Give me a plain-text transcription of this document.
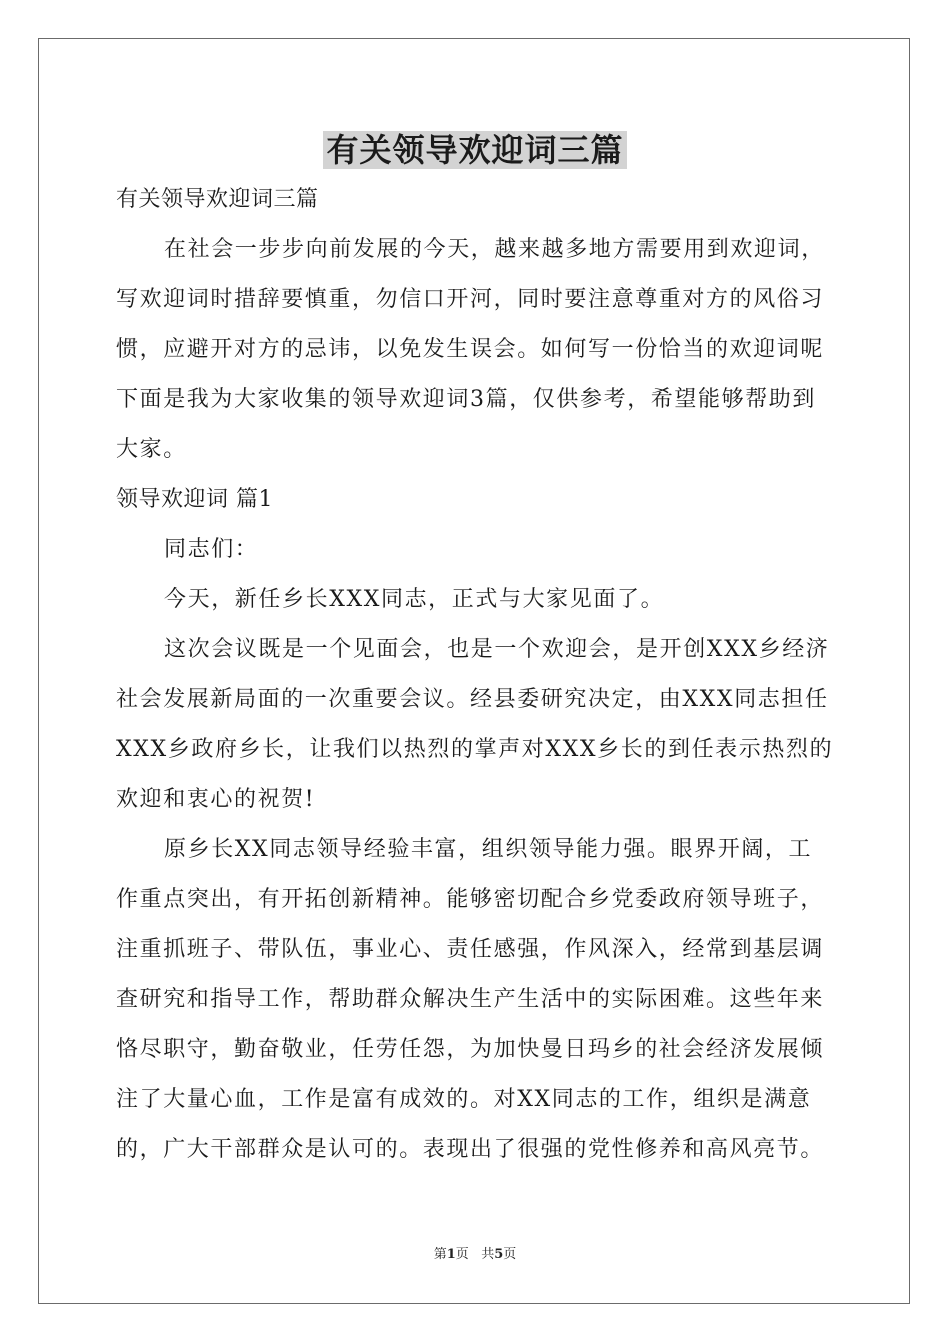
有关领导欢迎词三篇
有关领导欢迎词三篇
在社会一步步向前发展的今天，越来越多地方需要用到欢迎词，
写欢迎词时措辞要慎重，勿信口开河，同时要注意尊重对方的风俗习
惯，应避开对方的忌讳，以免发生误会。如何写一份恰当的欢迎词呢
下面是我为大家收集的领导欢迎词3篇，仅供参考，希望能够帮助到
大家。
领导欢迎词 篇1
同志们：
今天，新任乡长XXX同志，正式与大家见面了。
这次会议既是一个见面会，也是一个欢迎会，是开创XXX乡经济
社会发展新局面的一次重要会议。经县委研究决定，由XXX同志担任
XXX乡政府乡长，让我们以热烈的掌声对XXX乡长的到任表示热烈的
欢迎和衷心的祝贺!
原乡长XX同志领导经验丰富，组织领导能力强。眼界开阔，工
作重点突出，有开拓创新精神。能够密切配合乡党委政府领导班子，
注重抓班子、带队伍，事业心、责任感强，作风深入，经常到基层调
查研究和指导工作，帮助群众解决生产生活中的实际困难。这些年来
恪尽职守，勤奋敬业，任劳任怨，为加快曼日玛乡的社会经济发展倾
注了大量心血，工作是富有成效的。对XX同志的工作，组织是满意
的，广大干部群众是认可的。表现出了很强的党性修养和高风亮节。
第1页 共5页
